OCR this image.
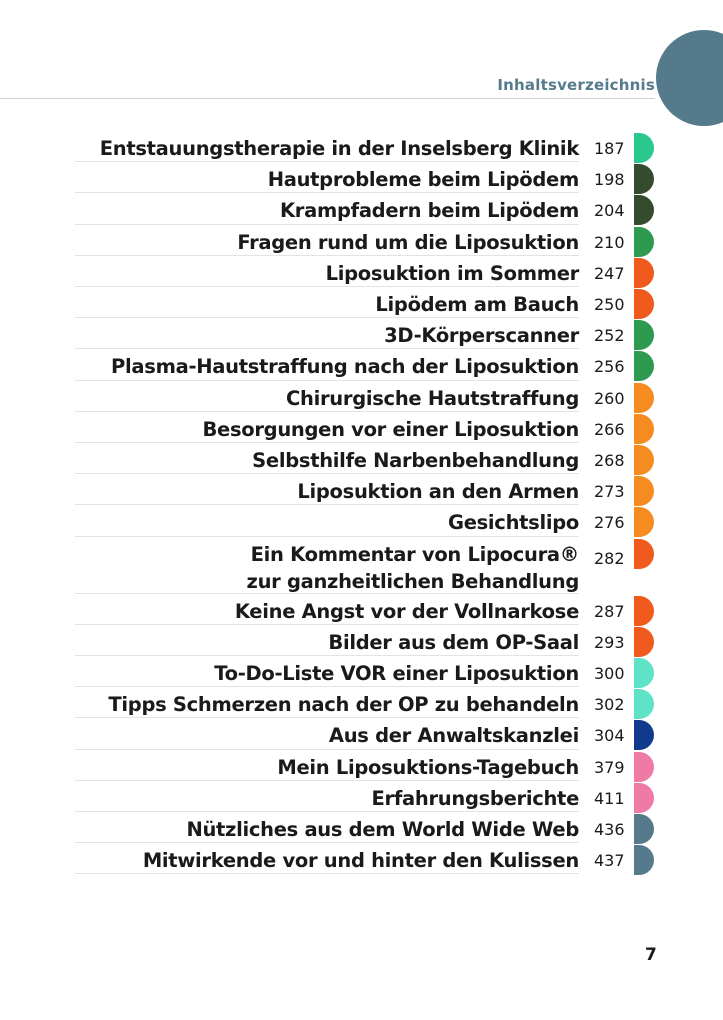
Inhaltsverzeichnis
Entstauungstherapie in der Inselsberg Klinik 187
Hautprobleme beim Lipödem 198
Krampfadern beim Lipödem 204
Fragen rund um die Liposuktion 210
Liposuktion im Sommer 247
Lipödem am Bauch 250
3D-Körperscanner 252
Plasma-Hautstraffung nach der Liposuktion 256
Chirurgische Hautstraffung 260
Besorgungen vor einer Liposuktion 266
Selbsthilfe Narbenbehandlung 268
Liposuktion an den Armen 273
Gesichtslipo 276
Ein Kommentar von Lipocura®
zur ganzheitlichen Behandlung
282
Keine Angst vor der Vollnarkose 287
Bilder aus dem OP-Saal 293
To-Do-Liste VOR einer Liposuktion 300
Tipps Schmerzen nach der OP zu behandeln 302
Aus der Anwaltskanzlei 304
Mein Liposuktions-Tagebuch 379
Erfahrungsberichte 411
Nützliches aus dem World Wide Web 436
Mitwirkende vor und hinter den Kulissen 437
7
